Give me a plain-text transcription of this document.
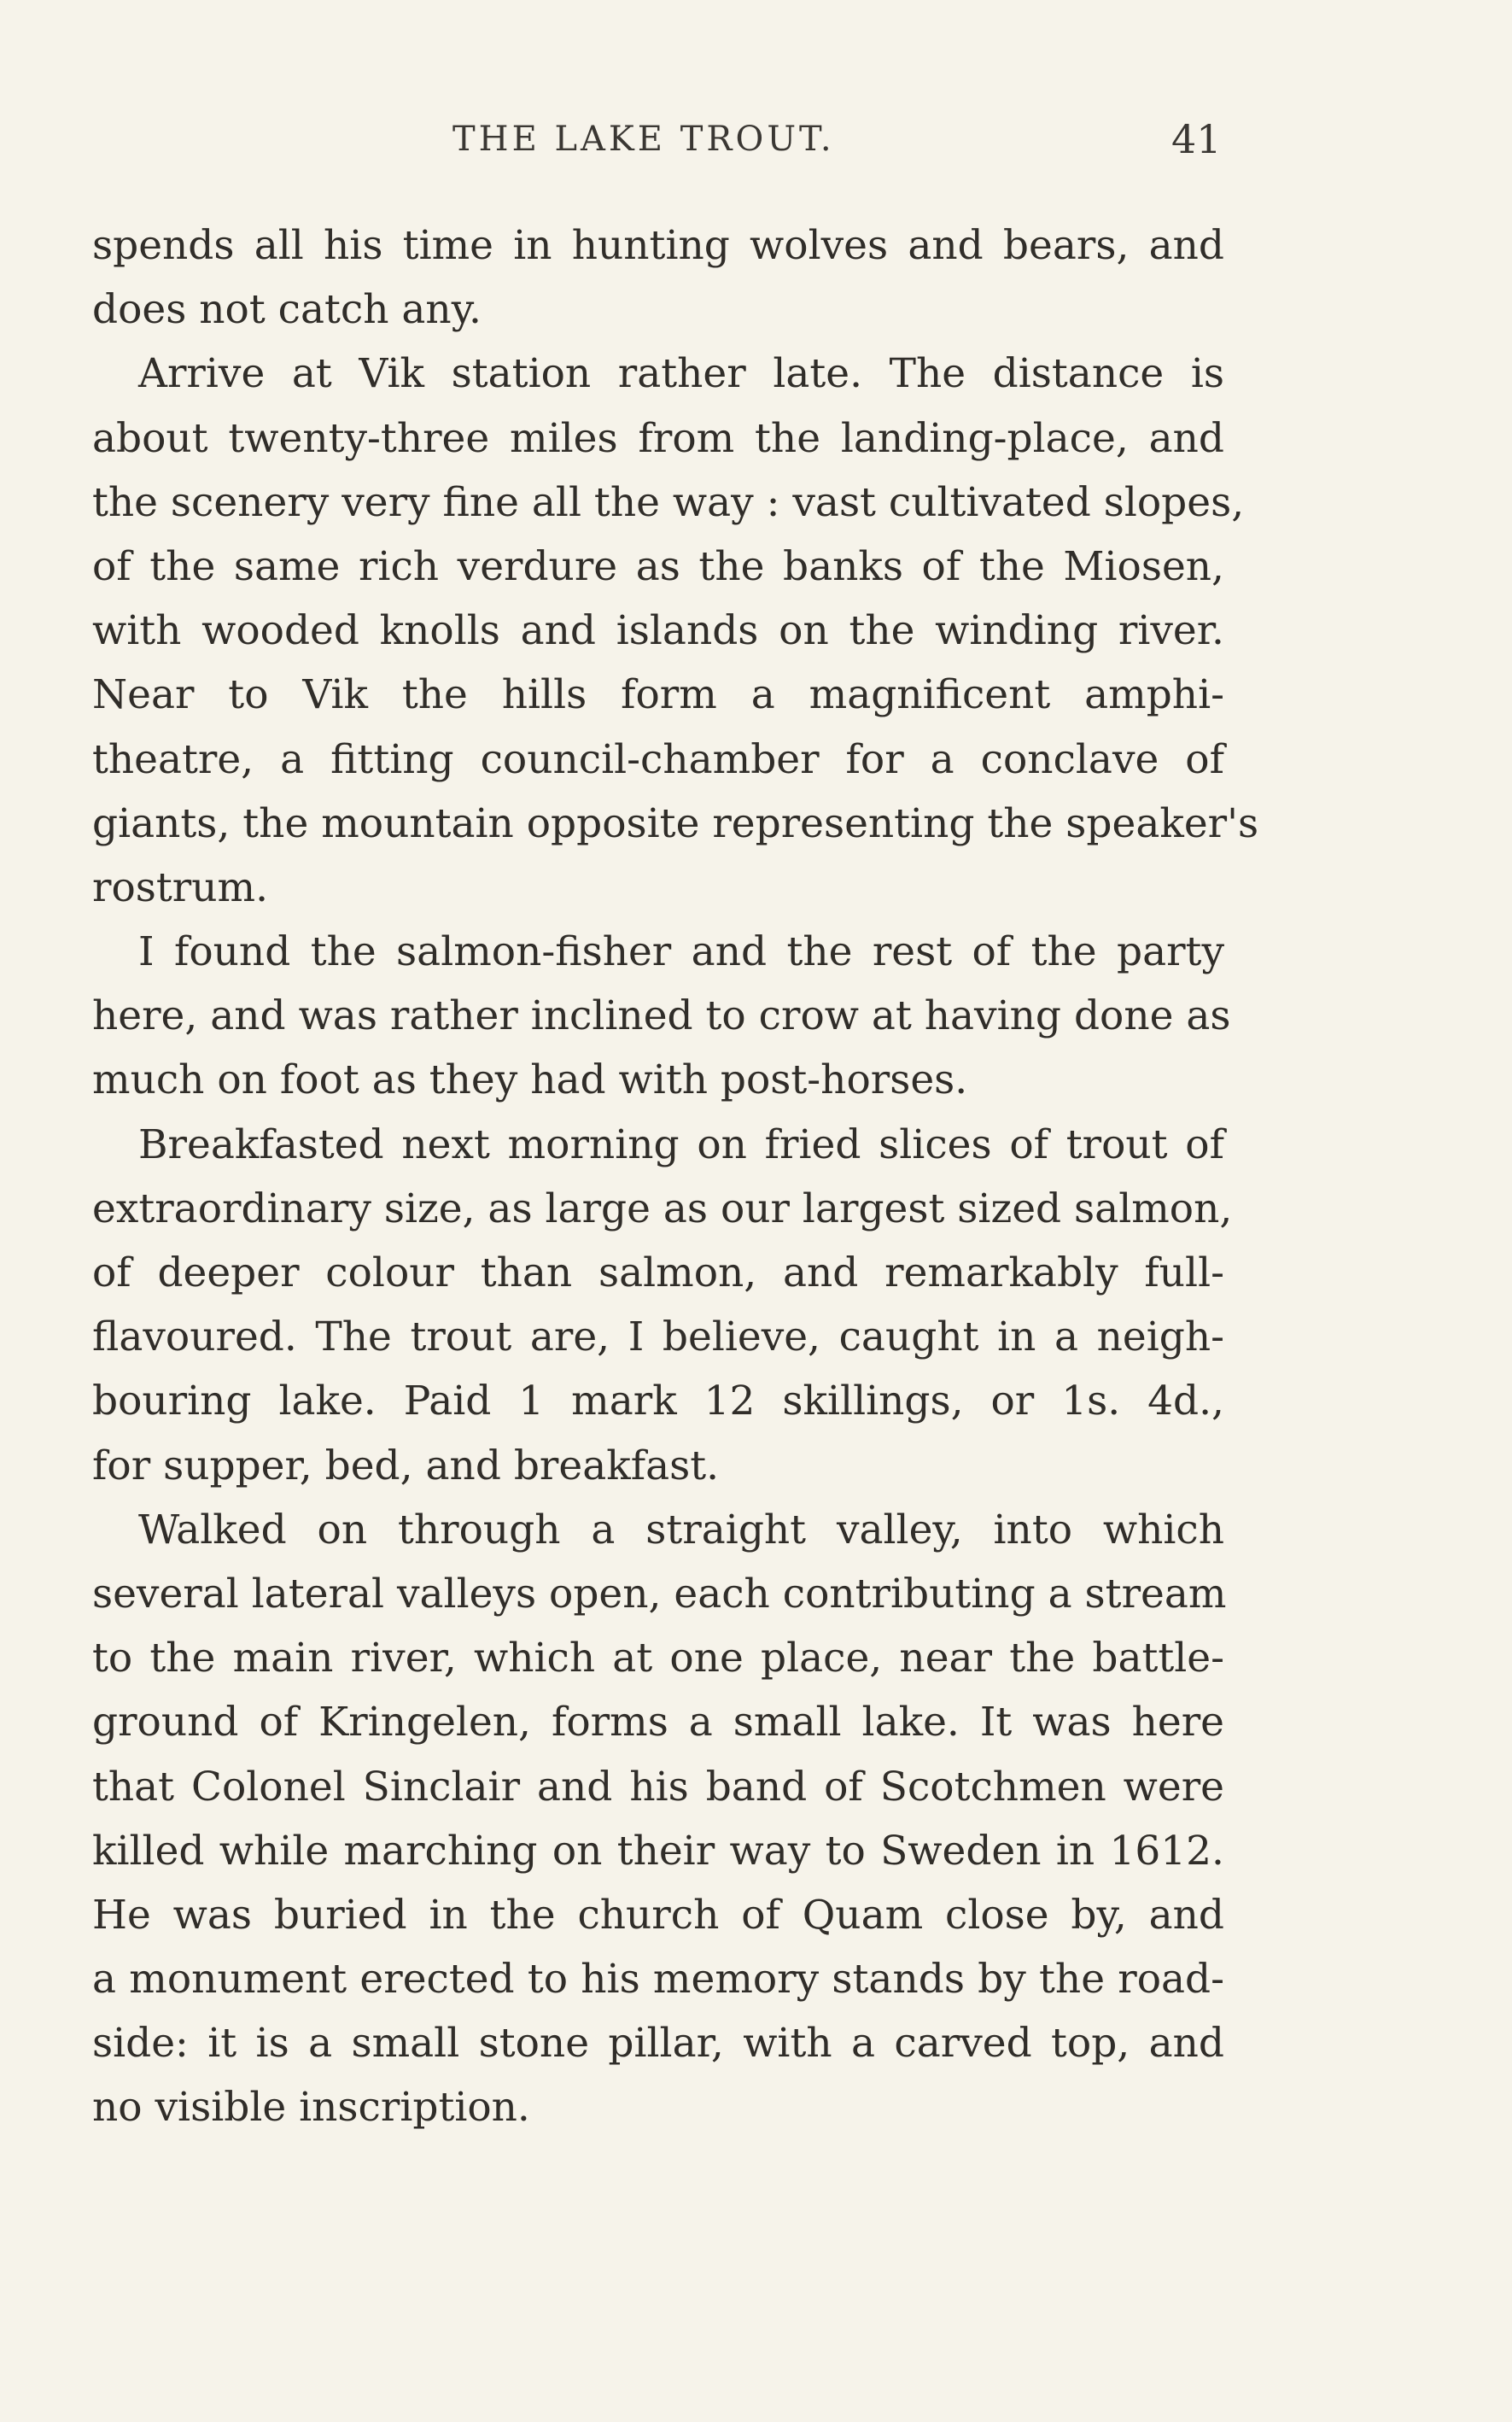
THE LAKE TROUT.	41
spends all his time in hunting wolves and bears, and
does not catch any.
Arrive at Vik station rather late. The distance is
about twenty-three miles from the landing-place, and
the scenery very fine all the way : vast cultivated slopes,
of the same rich verdure as the banks of the Miosen,
with wooded knolls and islands on the winding river.
Near to Vik the hills form a magnificent amphi-
theatre, a fitting council-chamber for a conclave of
giants, the mountain opposite representing the speaker's
rostrum.
I found the salmon-fisher and the rest of the party
here, and was rather inclined to crow at having done as
much on foot as they had with post-horses.
Breakfasted next morning on fried slices of trout of
extraordinary size, as large as our largest sized salmon,
of deeper colour than salmon, and remarkably full-
flavoured. The trout are, I believe, caught in a neigh-
bouring lake. Paid 1 mark 12 skillings, or 1s. 4d.,
for supper, bed, and breakfast.
Walked on through a straight valley, into which
several lateral valleys open, each contributing a stream
to the main river, which at one place, near the battle-
ground of Kringelen, forms a small lake. It was here
that Colonel Sinclair and his band of Scotchmen were
killed while marching on their way to Sweden in 1612.
He was buried in the church of Quam close by, and
a monument erected to his memory stands by the road-
side: it is a small stone pillar, with a carved top, and
no visible inscription.
